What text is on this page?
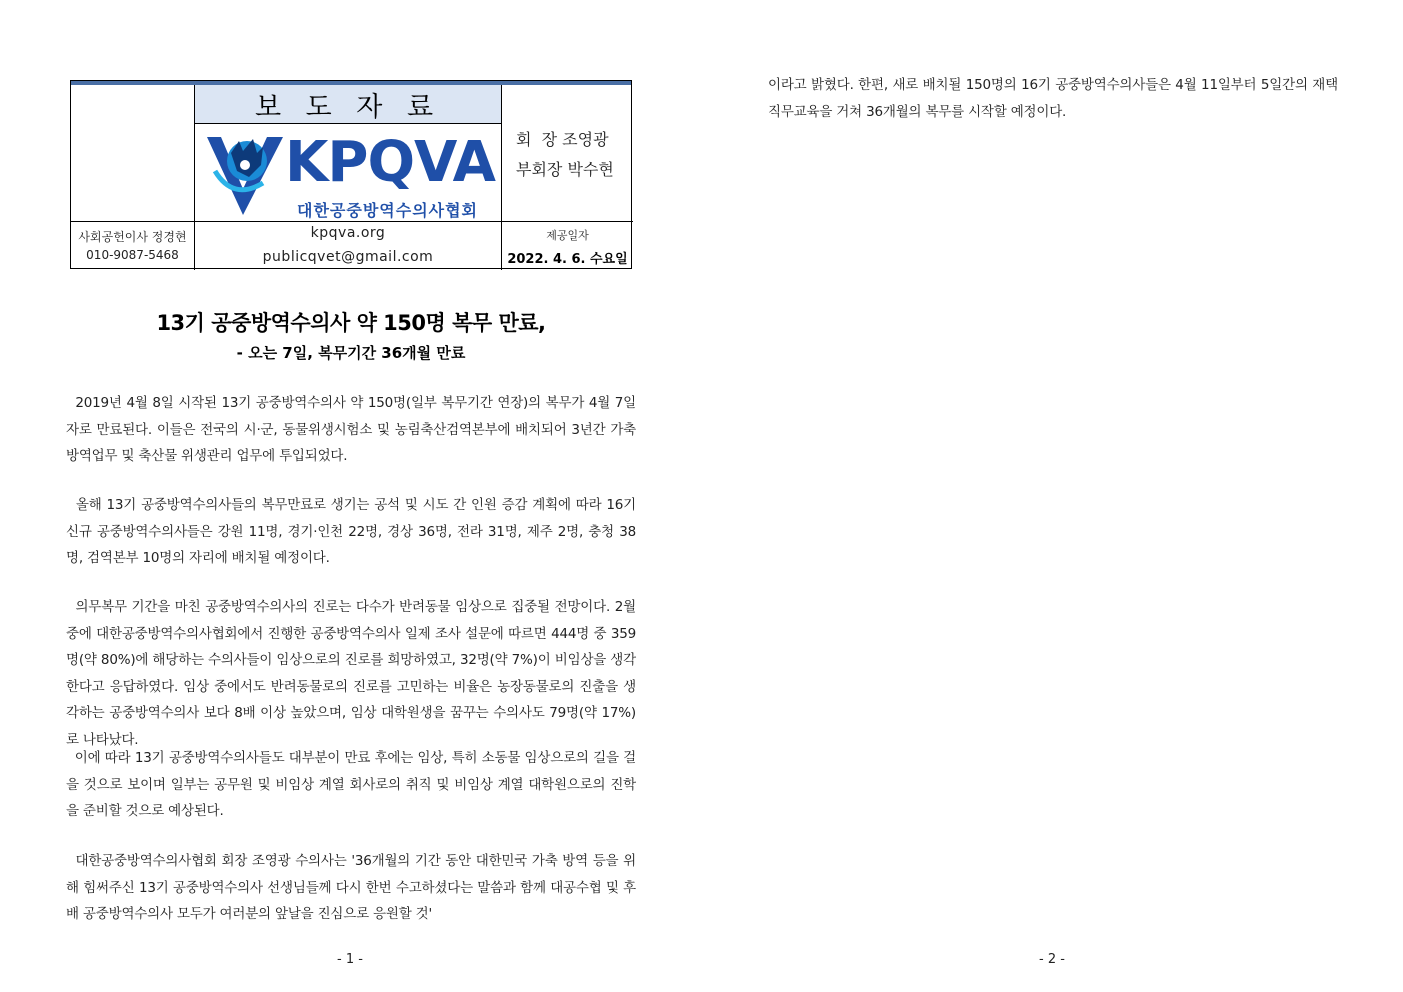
보 도 자 료
KPQVA
대한공중방역수의사협회
회  장 조영광
부회장 박수현
사회공헌이사 정경현
010-9087-5468
kpqva.org
publicqvet@gmail.com
제공일자
2022. 4. 6. 수요일
13기 공중방역수의사 약 150명 복무 만료,
- 오는 7일, 복무기간 36개월 만료
2019년 4월 8일 시작된 13기 공중방역수의사 약 150명(일부 복무기간 연장)의 복무가 4월 7일 자로 만료된다. 이들은 전국의 시·군, 동물위생시험소 및 농림축산검역본부에 배치되어 3년간 가축방역업무 및 축산물 위생관리 업무에 투입되었다.
올해 13기 공중방역수의사들의 복무만료로 생기는 공석 및 시도 간 인원 증감 계획에 따라 16기 신규 공중방역수의사들은 강원 11명, 경기·인천 22명, 경상 36명, 전라 31명, 제주 2명, 충청 38명, 검역본부 10명의 자리에 배치될 예정이다.
의무복무 기간을 마친 공중방역수의사의 진로는 다수가 반려동물 임상으로 집중될 전망이다. 2월 중에 대한공중방역수의사협회에서 진행한 공중방역수의사 일제 조사 설문에 따르면 444명 중 359명(약 80%)에 해당하는 수의사들이 임상으로의 진로를 희망하였고, 32명(약 7%)이 비임상을 생각한다고 응답하였다. 임상 중에서도 반려동물로의 진로를 고민하는 비율은 농장동물로의 진출을 생각하는 공중방역수의사 보다 8배 이상 높았으며, 임상 대학원생을 꿈꾸는 수의사도 79명(약 17%)로 나타났다.
이에 따라 13기 공중방역수의사들도 대부분이 만료 후에는 임상, 특히 소동물 임상으로의 길을 걸을 것으로 보이며 일부는 공무원 및 비임상 계열 회사로의 취직 및 비임상 계열 대학원으로의 진학을 준비할 것으로 예상된다.
대한공중방역수의사협회 회장 조영광 수의사는 '36개월의 기간 동안 대한민국 가축 방역 등을 위해 힘써주신 13기 공중방역수의사 선생님들께 다시 한번 수고하셨다는 말씀과 함께 대공수협 및 후배 공중방역수의사 모두가 여러분의 앞날을 진심으로 응원할 것'
- 1 -
이라고 밝혔다. 한편, 새로 배치될 150명의 16기 공중방역수의사들은 4월 11일부터 5일간의 재택 직무교육을 거쳐 36개월의 복무를 시작할 예정이다.
- 2 -
